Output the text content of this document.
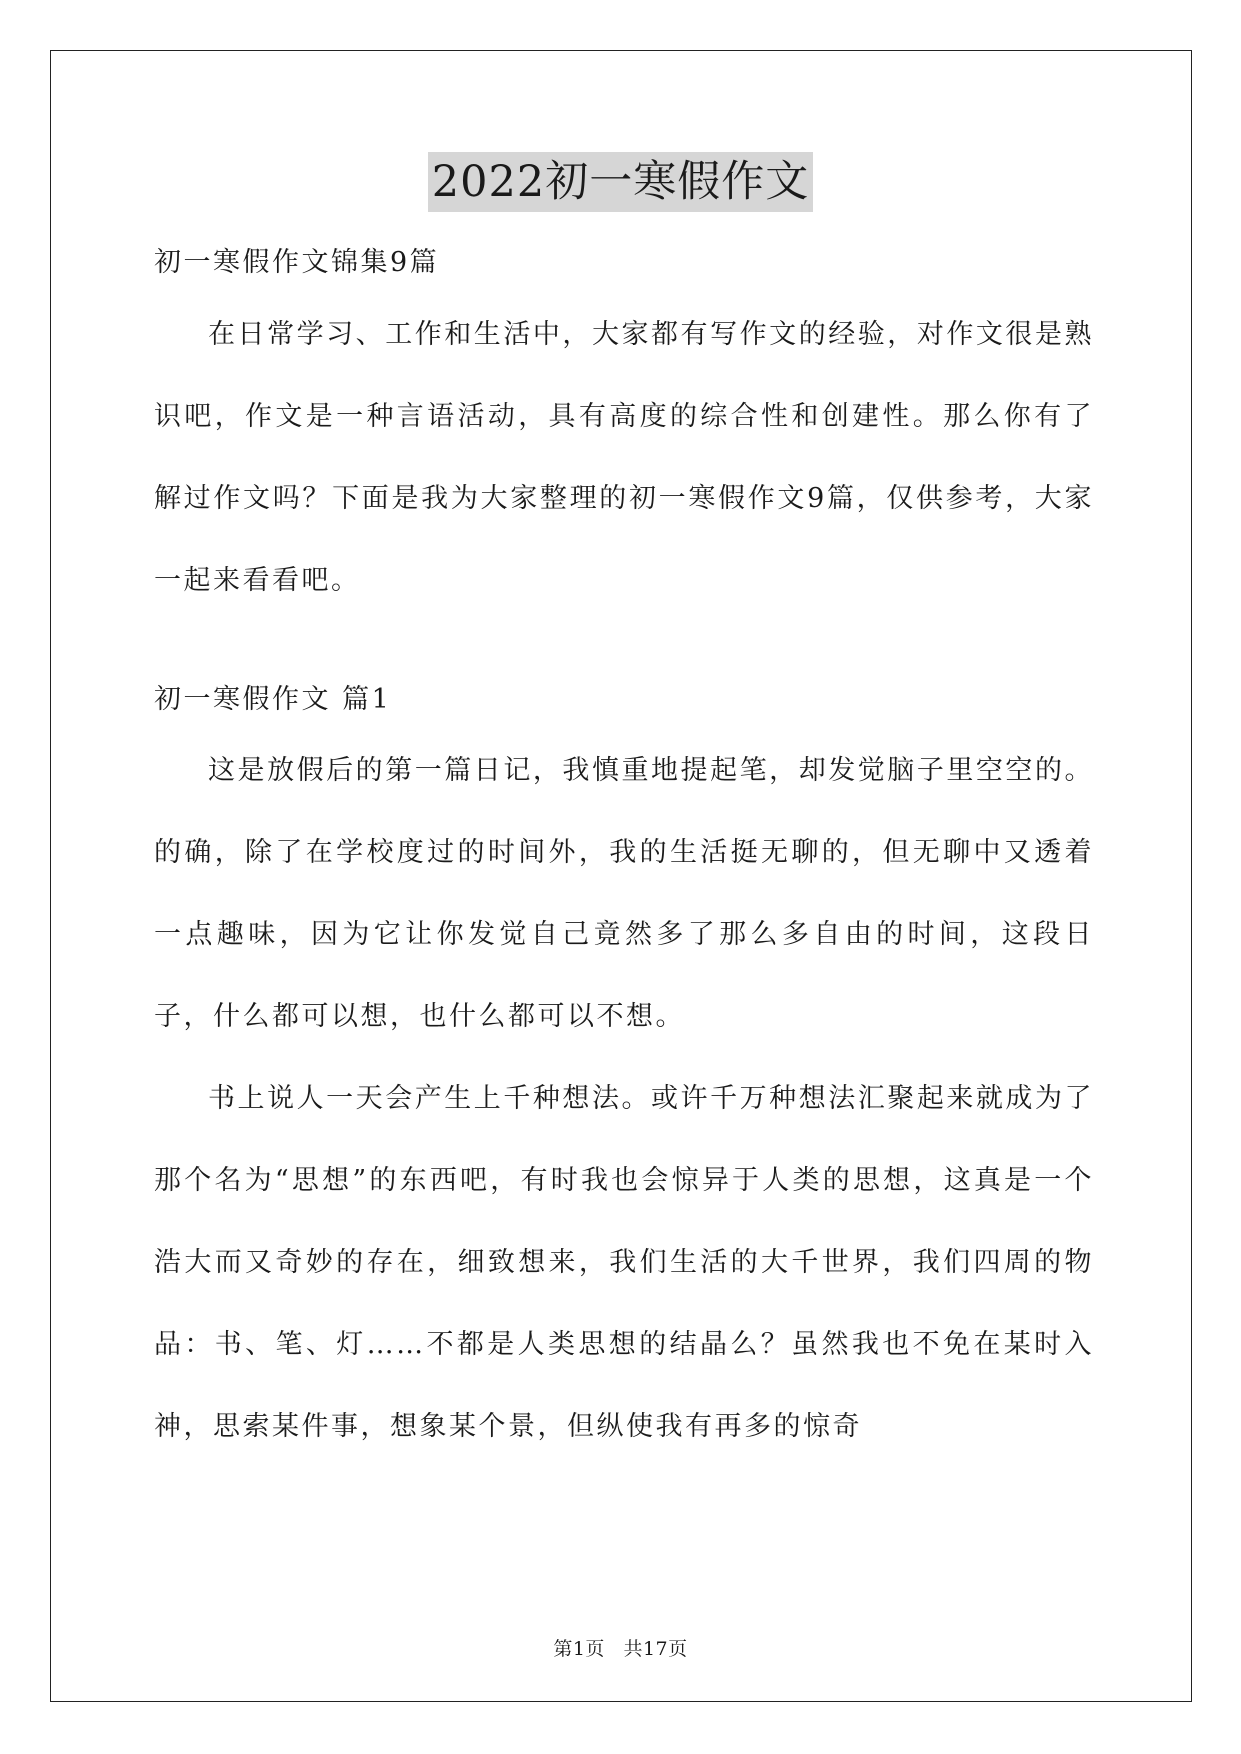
2022初一寒假作文
初一寒假作文锦集9篇

在日常学习、工作和生活中，大家都有写作文的经验，对作文很是熟识吧，作文是一种言语活动，具有高度的综合性和创建性。那么你有了解过作文吗？下面是我为大家整理的初一寒假作文9篇，仅供参考，大家一起来看看吧。

初一寒假作文 篇1

这是放假后的第一篇日记，我慎重地提起笔，却发觉脑子里空空的。的确，除了在学校度过的时间外，我的生活挺无聊的，但无聊中又透着一点趣味，因为它让你发觉自己竟然多了那么多自由的时间，这段日子，什么都可以想，也什么都可以不想。

书上说人一天会产生上千种想法。或许千万种想法汇聚起来就成为了那个名为“思想”的东西吧，有时我也会惊异于人类的思想，这真是一个浩大而又奇妙的存在，细致想来，我们生活的大千世界，我们四周的物品：书、笔、灯……不都是人类思想的结晶么？虽然我也不免在某时入神，思索某件事，想象某个景，但纵使我有再多的惊奇

第1页 共17页
